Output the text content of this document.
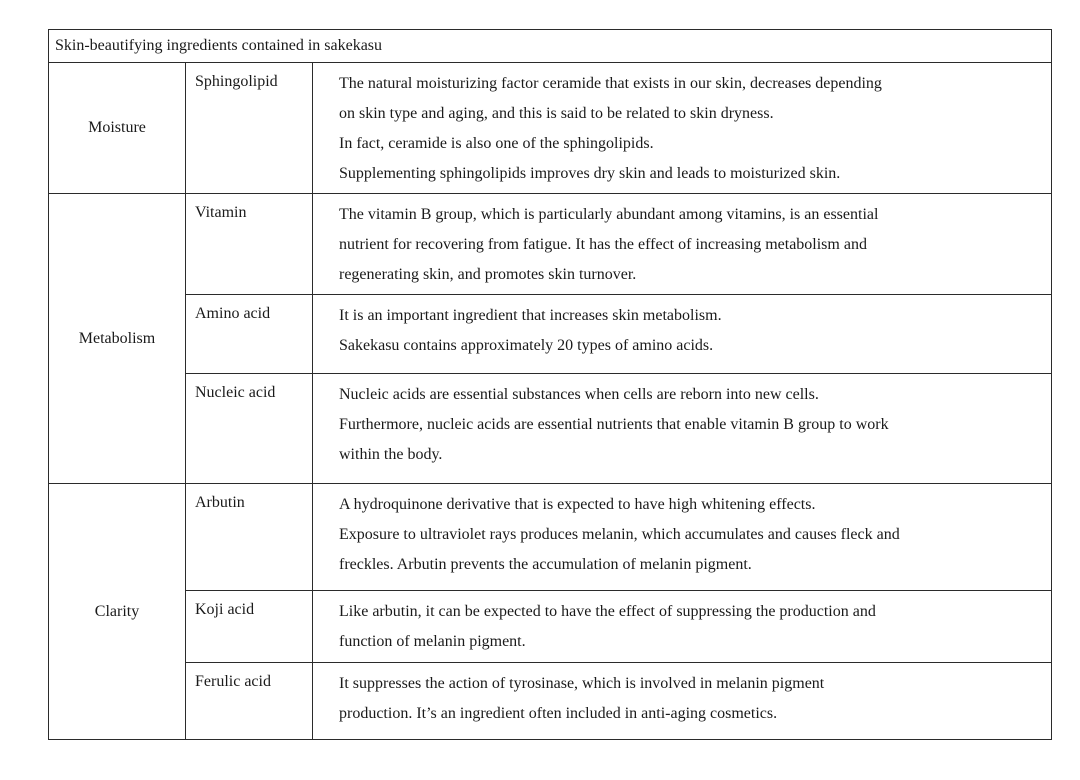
Skin-beautifying ingredients contained in sakekasu		
Moisture	Sphingolipid	The natural moisturizing factor ceramide that exists in our skin, decreases depending
on skin type and aging, and this is said to be related to skin dryness.
In fact, ceramide is also one of the sphingolipids.
Supplementing sphingolipids improves dry skin and leads to moisturized skin.

Metabolism	Vitamin	The vitamin B group, which is particularly abundant among vitamins, is an essential
nutrient for recovering from fatigue. It has the effect of increasing metabolism and
regenerating skin, and promotes skin turnover.

	Amino acid	It is an important ingredient that increases skin metabolism.
Sakekasu contains approximately 20 types of amino acids.

	Nucleic acid	Nucleic acids are essential substances when cells are reborn into new cells.
Furthermore, nucleic acids are essential nutrients that enable vitamin B group to work
within the body.

Clarity	Arbutin	A hydroquinone derivative that is expected to have high whitening effects.
Exposure to ultraviolet rays produces melanin, which accumulates and causes fleck and
freckles. Arbutin prevents the accumulation of melanin pigment.

	Koji acid	Like arbutin, it can be expected to have the effect of suppressing the production and
function of melanin pigment.

	Ferulic acid	It suppresses the action of tyrosinase, which is involved in melanin pigment
production. It’s an ingredient often included in anti-aging cosmetics.
